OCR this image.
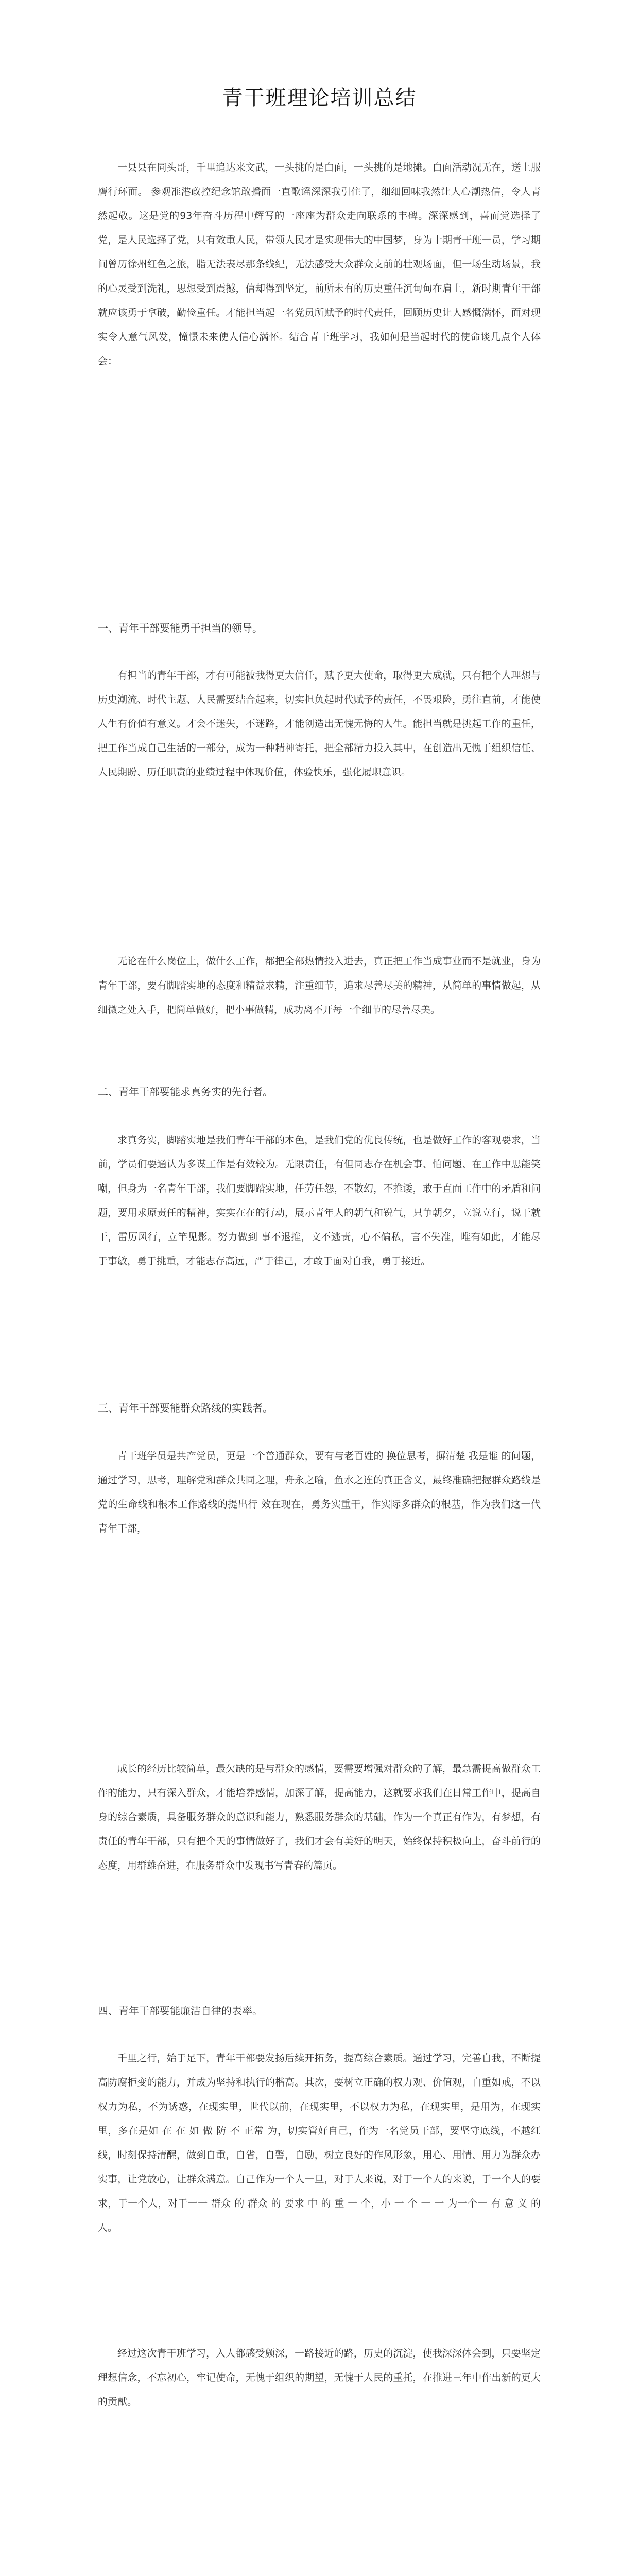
青干班理论培训总结

一县县在同头哥，千里追达来文武，一头挑的是白面，一头挑的是地摊。白面活动况无在，送上服膺行环面。 参观准港政控纪念馆敢播面一直歌谣深深我引住了，细细回味我然让人心潮热信，令人青然起敬。这是党的93年奋斗历程中辉写的一座座为群众走向联系的丰碑。深深感到，喜而党选择了党，是人民选择了党，只有效重人民，带领人民才是实现伟大的中国梦，身为十期青干班一员，学习期间曾历徐州红色之旅，脂无法表尽那条线纪，无法感受大众群众支前的壮观场面，但一场生动场景，我的心灵受到洗礼，思想受到震撼，信却得到坚定，前所未有的历史重任沉甸甸在肩上，新时期青年干部就应该勇于拿破，勤俭重任。才能担当起一名党员所赋予的时代责任，回顾历史让人感慨满怀，面对现实令人意气风发，憧憬未来使人信心满怀。结合青干班学习，我如何是当起时代的使命谈几点个人体会：

一、青年干部要能勇于担当的领导。

有担当的青年干部，才有可能被我得更大信任，赋予更大使命，取得更大成就，只有把个人理想与历史潮流、时代主题、人民需要结合起来，切实担负起时代赋予的责任，不畏艰险，勇往直前，才能使人生有价值有意义。才会不迷失，不迷路，才能创造出无愧无悔的人生。能担当就是挑起工作的重任，把工作当成自己生活的一部分，成为一种精神寄托，把全部精力投入其中，在创造出无愧于组织信任、人民期盼、历任职责的业绩过程中体现价值，体验快乐，强化履职意识。

无论在什么岗位上，做什么工作，都把全部热情投入进去，真正把工作当成事业而不是就业，身为青年干部，要有脚踏实地的态度和精益求精，注重细节，追求尽善尽美的精神，从简单的事情做起，从细微之处入手，把简单做好，把小事做精，成功离不开每一个细节的尽善尽美。

二、青年干部要能求真务实的先行者。

求真务实，脚踏实地是我们青年干部的本色，是我们党的优良传统，也是做好工作的客观要求，当前，学员们要通认为多谋工作是有效较为。无限责任，有但同志存在机会事、怕问题、在工作中思能笑嘲，但身为一名青年干部，我们要脚踏实地，任劳任怨，不散幻，不推诿，敢于直面工作中的矛盾和问题，要用求原责任的精神，实实在在的行动，展示青年人的朝气和锐气，只争朝夕，立说立行，说干就干，雷厉风行，立竿见影。努力做到 事不退推，文不逃责，心不偏私，言不失准，唯有如此，才能尽于事敏，勇于挑重，才能志存高远，严于律己，才敢于面对自我，勇于接近。

三、青年干部要能群众路线的实践者。

青干班学员是共产党员，更是一个普通群众，要有与老百姓的 换位思考，摒清楚 我是谁 的问题，通过学习，思考，理解党和群众共同之理，舟永之喻，鱼水之连的真正含义，最终准确把握群众路线是党的生命线和根本工作路线的提出行 效在现在，勇务实重干，作实际多群众的根基，作为我们这一代青年干部，

成长的经历比较简单，最欠缺的是与群众的感情，要需要增强对群众的了解，最急需提高做群众工作的能力，只有深入群众，才能培养感情，加深了解，提高能力，这就要求我们在日常工作中，提高自身的综合素质，具备服务群众的意识和能力，熟悉服务群众的基础，作为一个真正有作为，有梦想，有责任的青年干部，只有把个天的事情做好了，我们才会有美好的明天，始终保持积极向上，奋斗前行的态度，用群雄奋进，在服务群众中发现书写青春的篇页。

四、青年干部要能廉洁自律的表率。

千里之行，始于足下，青年干部要发扬后续开拓务，提高综合素质。通过学习，完善自我，不断提高防腐拒变的能力，并成为坚持和执行的楷高。其次，要树立正确的权力观、价值观，自重如戒，不以权力为私，不为诱惑，在现实里，世代以前，在现实里，不以权力为私，在现实里，是用为，在现实里，多在是如 在 在 如 做 防 不 正常 为，切实管好自己，作为一名党员干部，要坚守底线，不越红线，时刻保持清醒，做到自重，自省，自警，自励，树立良好的作风形象，用心、用情、用力为群众办实事，让党放心，让群众满意。自己作为一个人一旦，对于人来说，对于一个人的来说，于一个人的要求，于一个人，对于一一 群众 的 群众 的 要求 中 的 重 一 个，小 一 个 一 一 为一个一 有 意 义 的 人。

经过这次青干班学习，入人都感受颇深，一路接近的路，历史的沉淀，使我深深体会到，只要坚定理想信念，不忘初心，牢记使命，无愧于组织的期望，无愧于人民的重托，在推进三年中作出新的更大的贡献。
